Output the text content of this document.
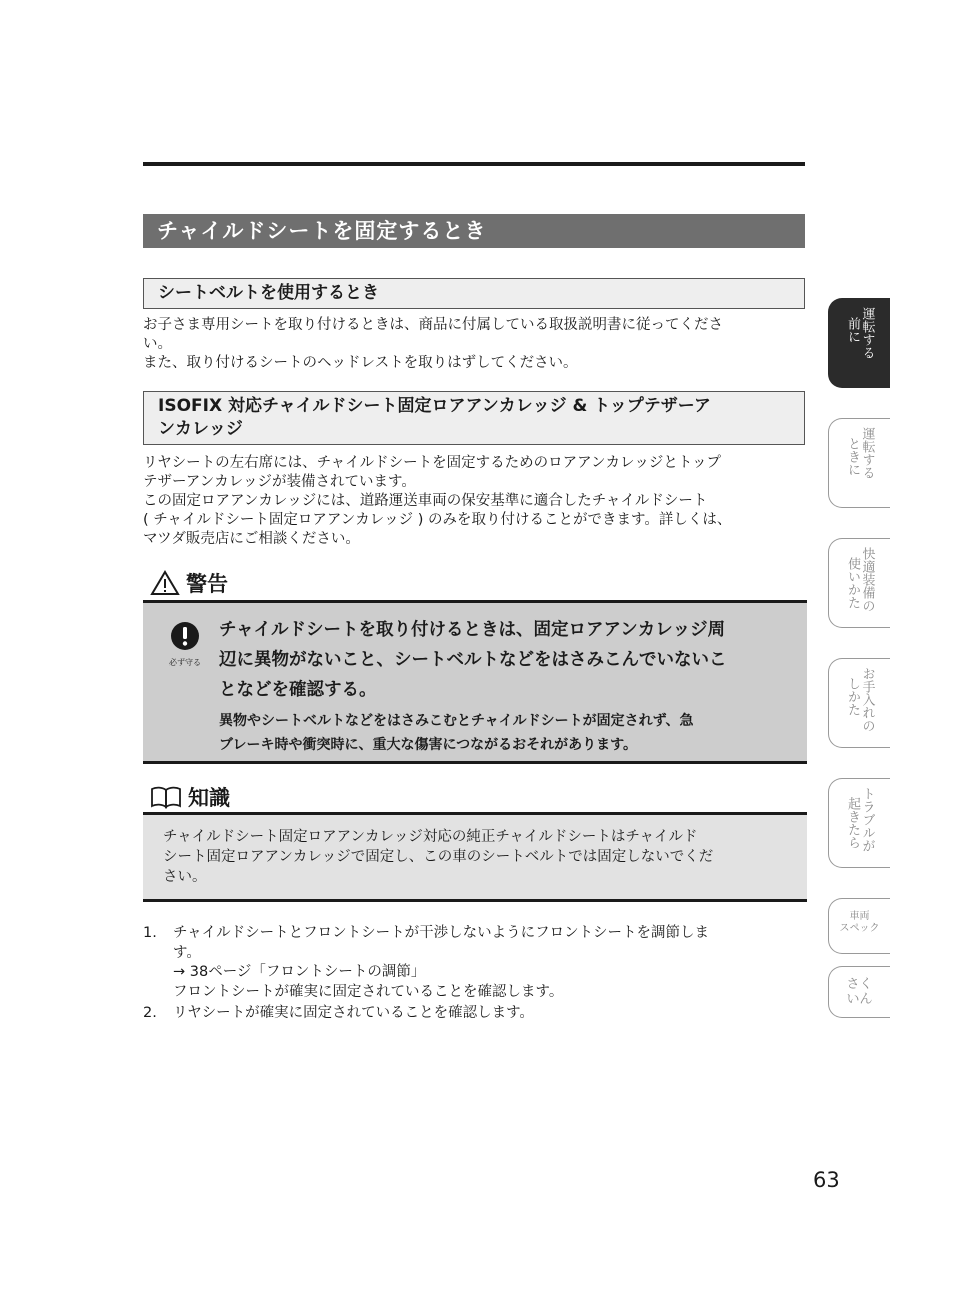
チャイルドシートを固定するとき
シートベルトを使用するとき

お子さま専用シートを取り付けるときは、商品に付属している取扱説明書に従ってくださ
い。
また、取り付けるシートのヘッドレストを取りはずしてください。

ISOFIX 対応チャイルドシート固定ロアアンカレッジ & トップテザーア
ンカレッジ

リヤシートの左右席には、チャイルドシートを固定するためのロアアンカレッジとトップ
テザーアンカレッジが装備されています。
この固定ロアアンカレッジには、道路運送車両の保安基準に適合したチャイルドシート
( チャイルドシート固定ロアアンカレッジ ) のみを取り付けることができます。詳しくは、
マツダ販売店にご相談ください。

警告
必ず守る
チャイルドシートを取り付けるときは、固定ロアアンカレッジ周
辺に異物がないこと、シートベルトなどをはさみこんでいないこ
となどを確認する。
異物やシートベルトなどをはさみこむとチャイルドシートが固定されず、急
ブレーキ時や衝突時に、重大な傷害につながるおそれがあります。
知識
チャイルドシート固定ロアアンカレッジ対応の純正チャイルドシートはチャイルド
シート固定ロアアンカレッジで固定し、この車のシートベルトでは固定しないでくだ
さい。
1.	チャイルドシートとフロントシートが干渉しないようにフロントシートを調節しま
す。
→ 38ページ「フロントシートの調節」
フロントシートが確実に固定されていることを確認します。
2.	リヤシートが確実に固定されていることを確認します。
63
運転する
前に
運転する
ときに
快適装備の
使いかた
お手入れの
しかた
トラブルが
起きたら
車両
スペック
さく
いん
